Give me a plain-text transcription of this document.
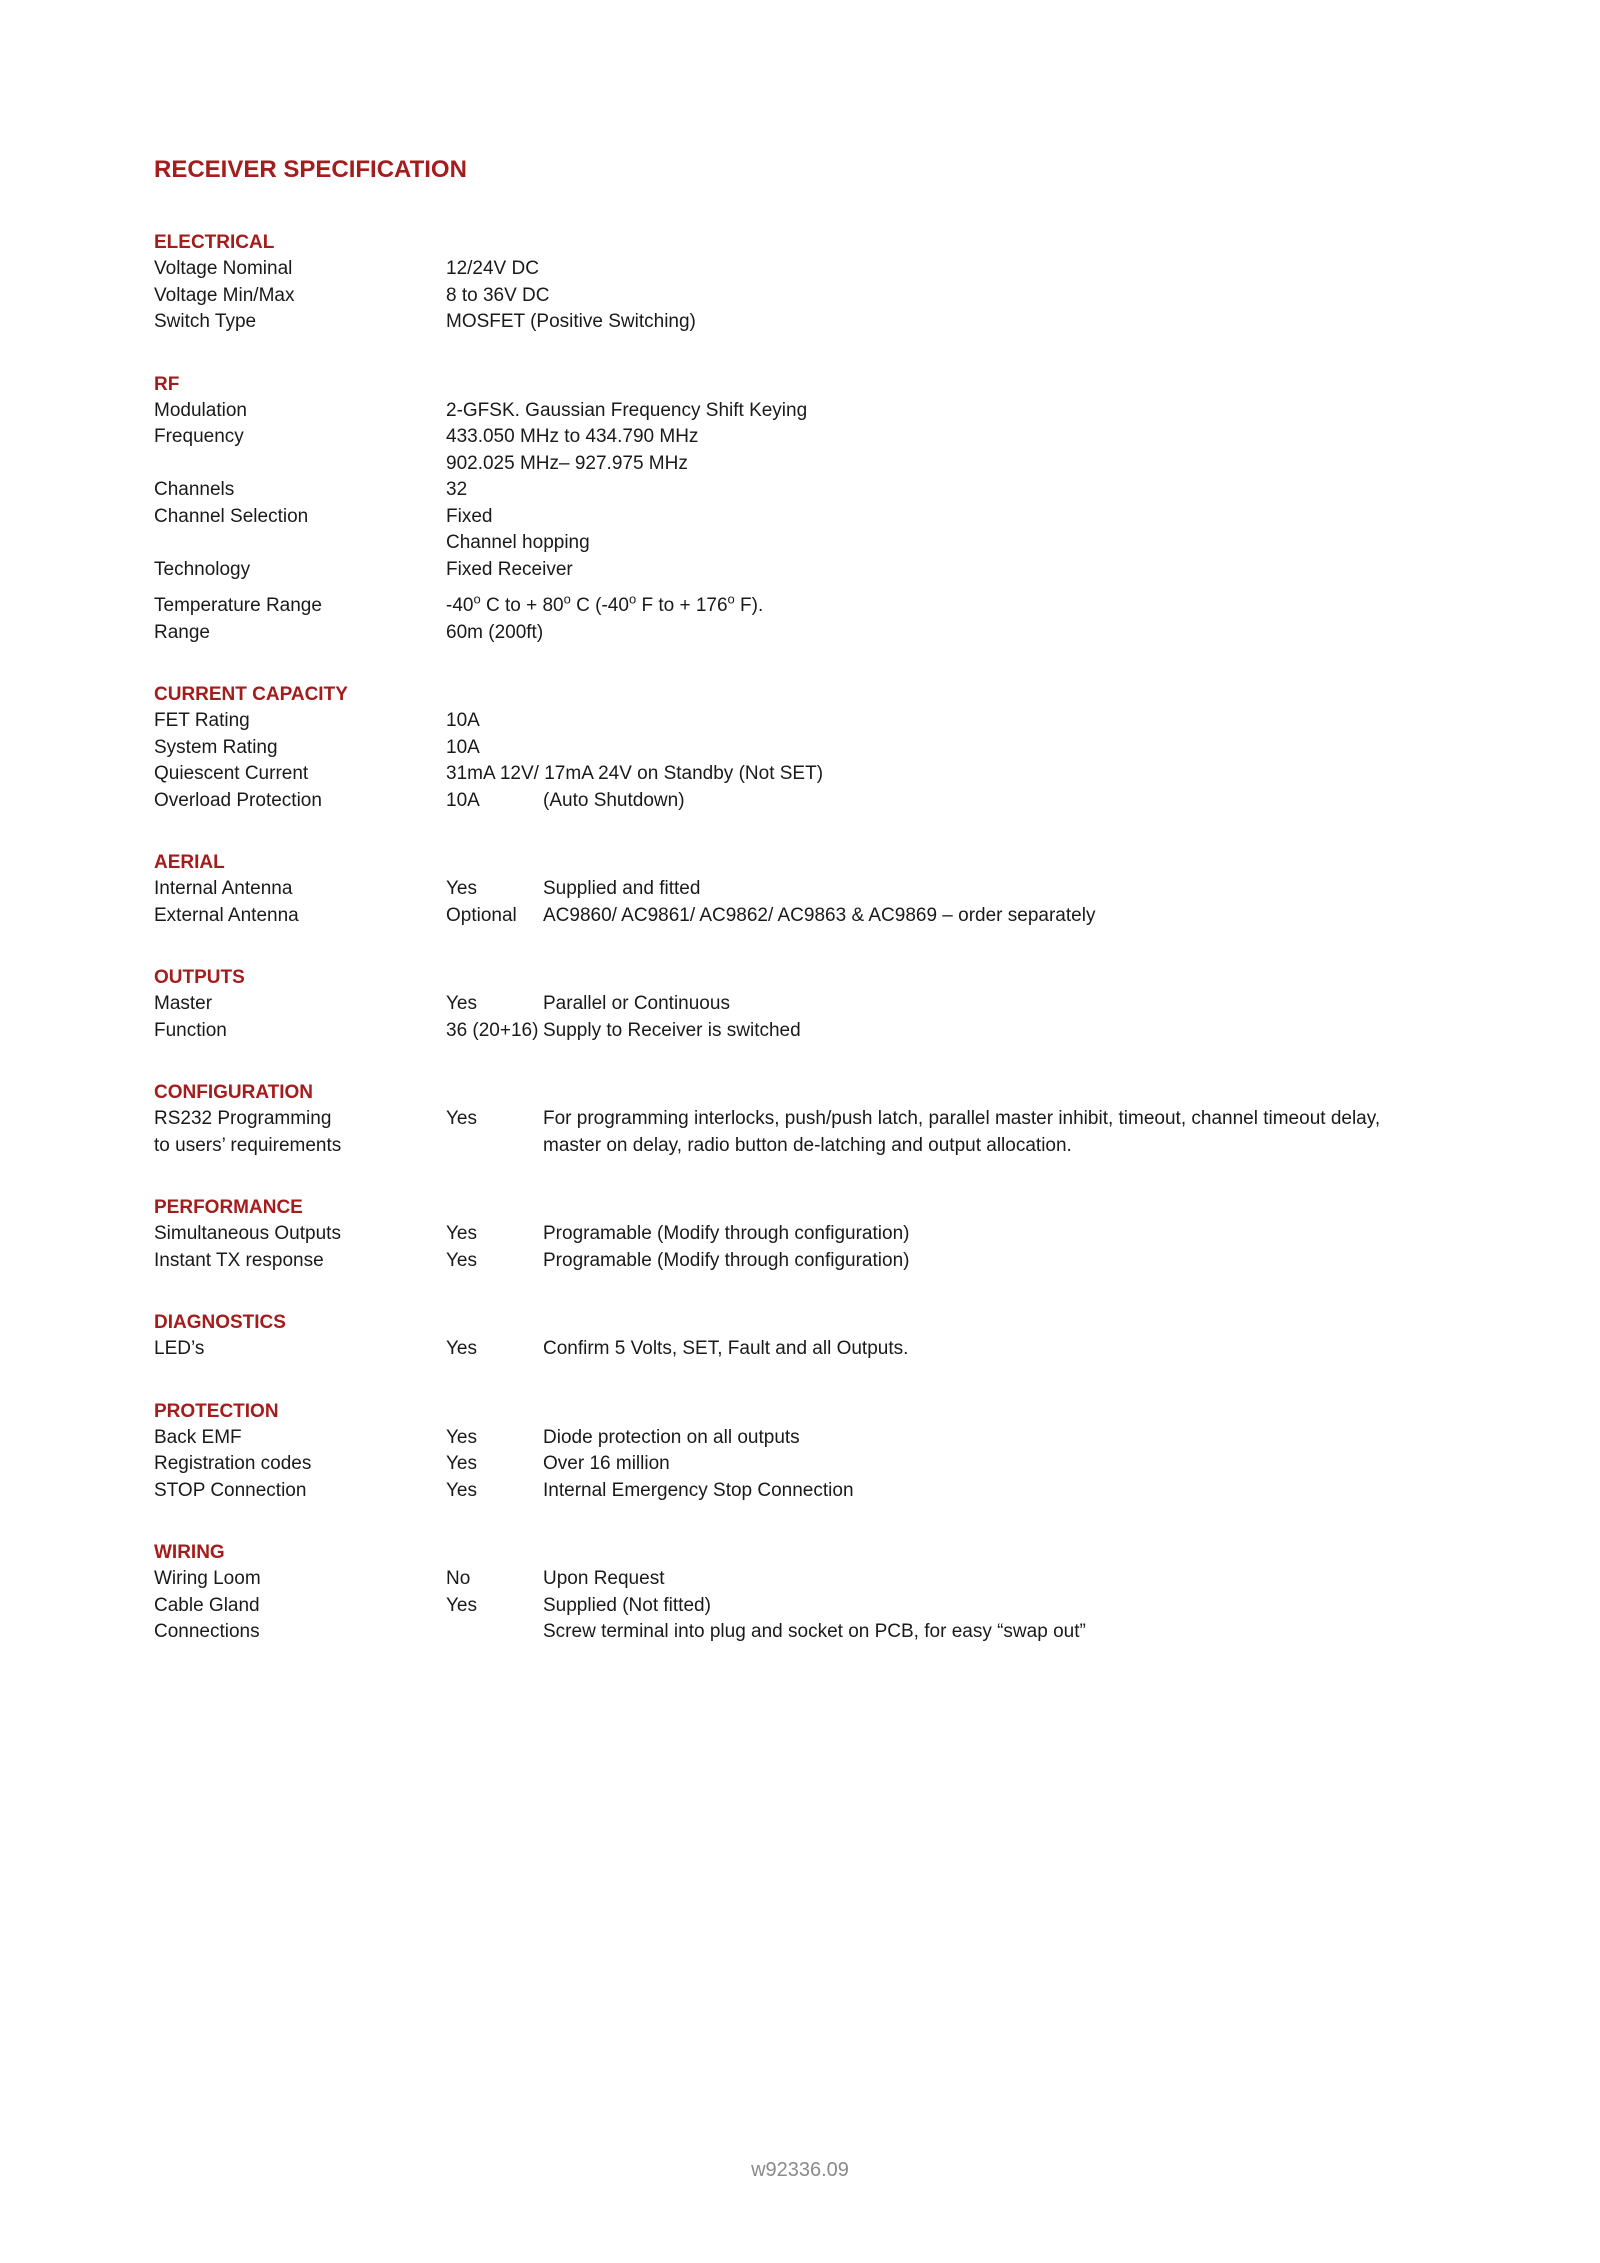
RECEIVER SPECIFICATION
ELECTRICAL
Voltage Nominal	12/24V DC
Voltage Min/Max	8 to 36V DC
Switch Type	MOSFET (Positive Switching)
RF
Modulation	2-GFSK. Gaussian Frequency Shift Keying
Frequency	433.050 MHz to 434.790 MHz
902.025 MHz– 927.975 MHz
Channels	32
Channel Selection	Fixed
Channel hopping
Technology	Fixed Receiver
Temperature Range	-40$^o$ C to + $80^o$ C (-40$^o$ F to + $176^o$ F).
Range	60m (200ft)
CURRENT CAPACITY
FET Rating	10A
System Rating	10A
Quiescent Current	31mA 12V/ 17mA 24V on Standby (Not SET)
Overload Protection	10A	(Auto Shutdown)
AERIAL
Internal Antenna	Yes	Supplied and fitted
External Antenna	Optional	AC9860/ AC9861/ AC9862/ AC9863 & AC9869 – order separately
OUTPUTS
Master	Yes	Parallel or Continuous
Function	36 (20+16) Supply to Receiver is switched
CONFIGURATION
RS232 Programming	Yes	For programming interlocks, push/push latch, parallel master inhibit, timeout, channel timeout delay,
to users’ requirements	master on delay, radio button de-latching and output allocation.
PERFORMANCE
Simultaneous Outputs	Yes	Programable (Modify through configuration)
Instant TX response	Yes	Programable (Modify through configuration)
DIAGNOSTICS
LED’s	Yes	Confirm 5 Volts, SET, Fault and all Outputs.
PROTECTION
Back EMF	Yes	Diode protection on all outputs
Registration codes	Yes	Over 16 million
STOP Connection	Yes	Internal Emergency Stop Connection
WIRING
Wiring Loom	No	Upon Request
Cable Gland	Yes	Supplied (Not fitted)
Connections	Screw terminal into plug and socket on PCB, for easy “swap out”
w92336.09
